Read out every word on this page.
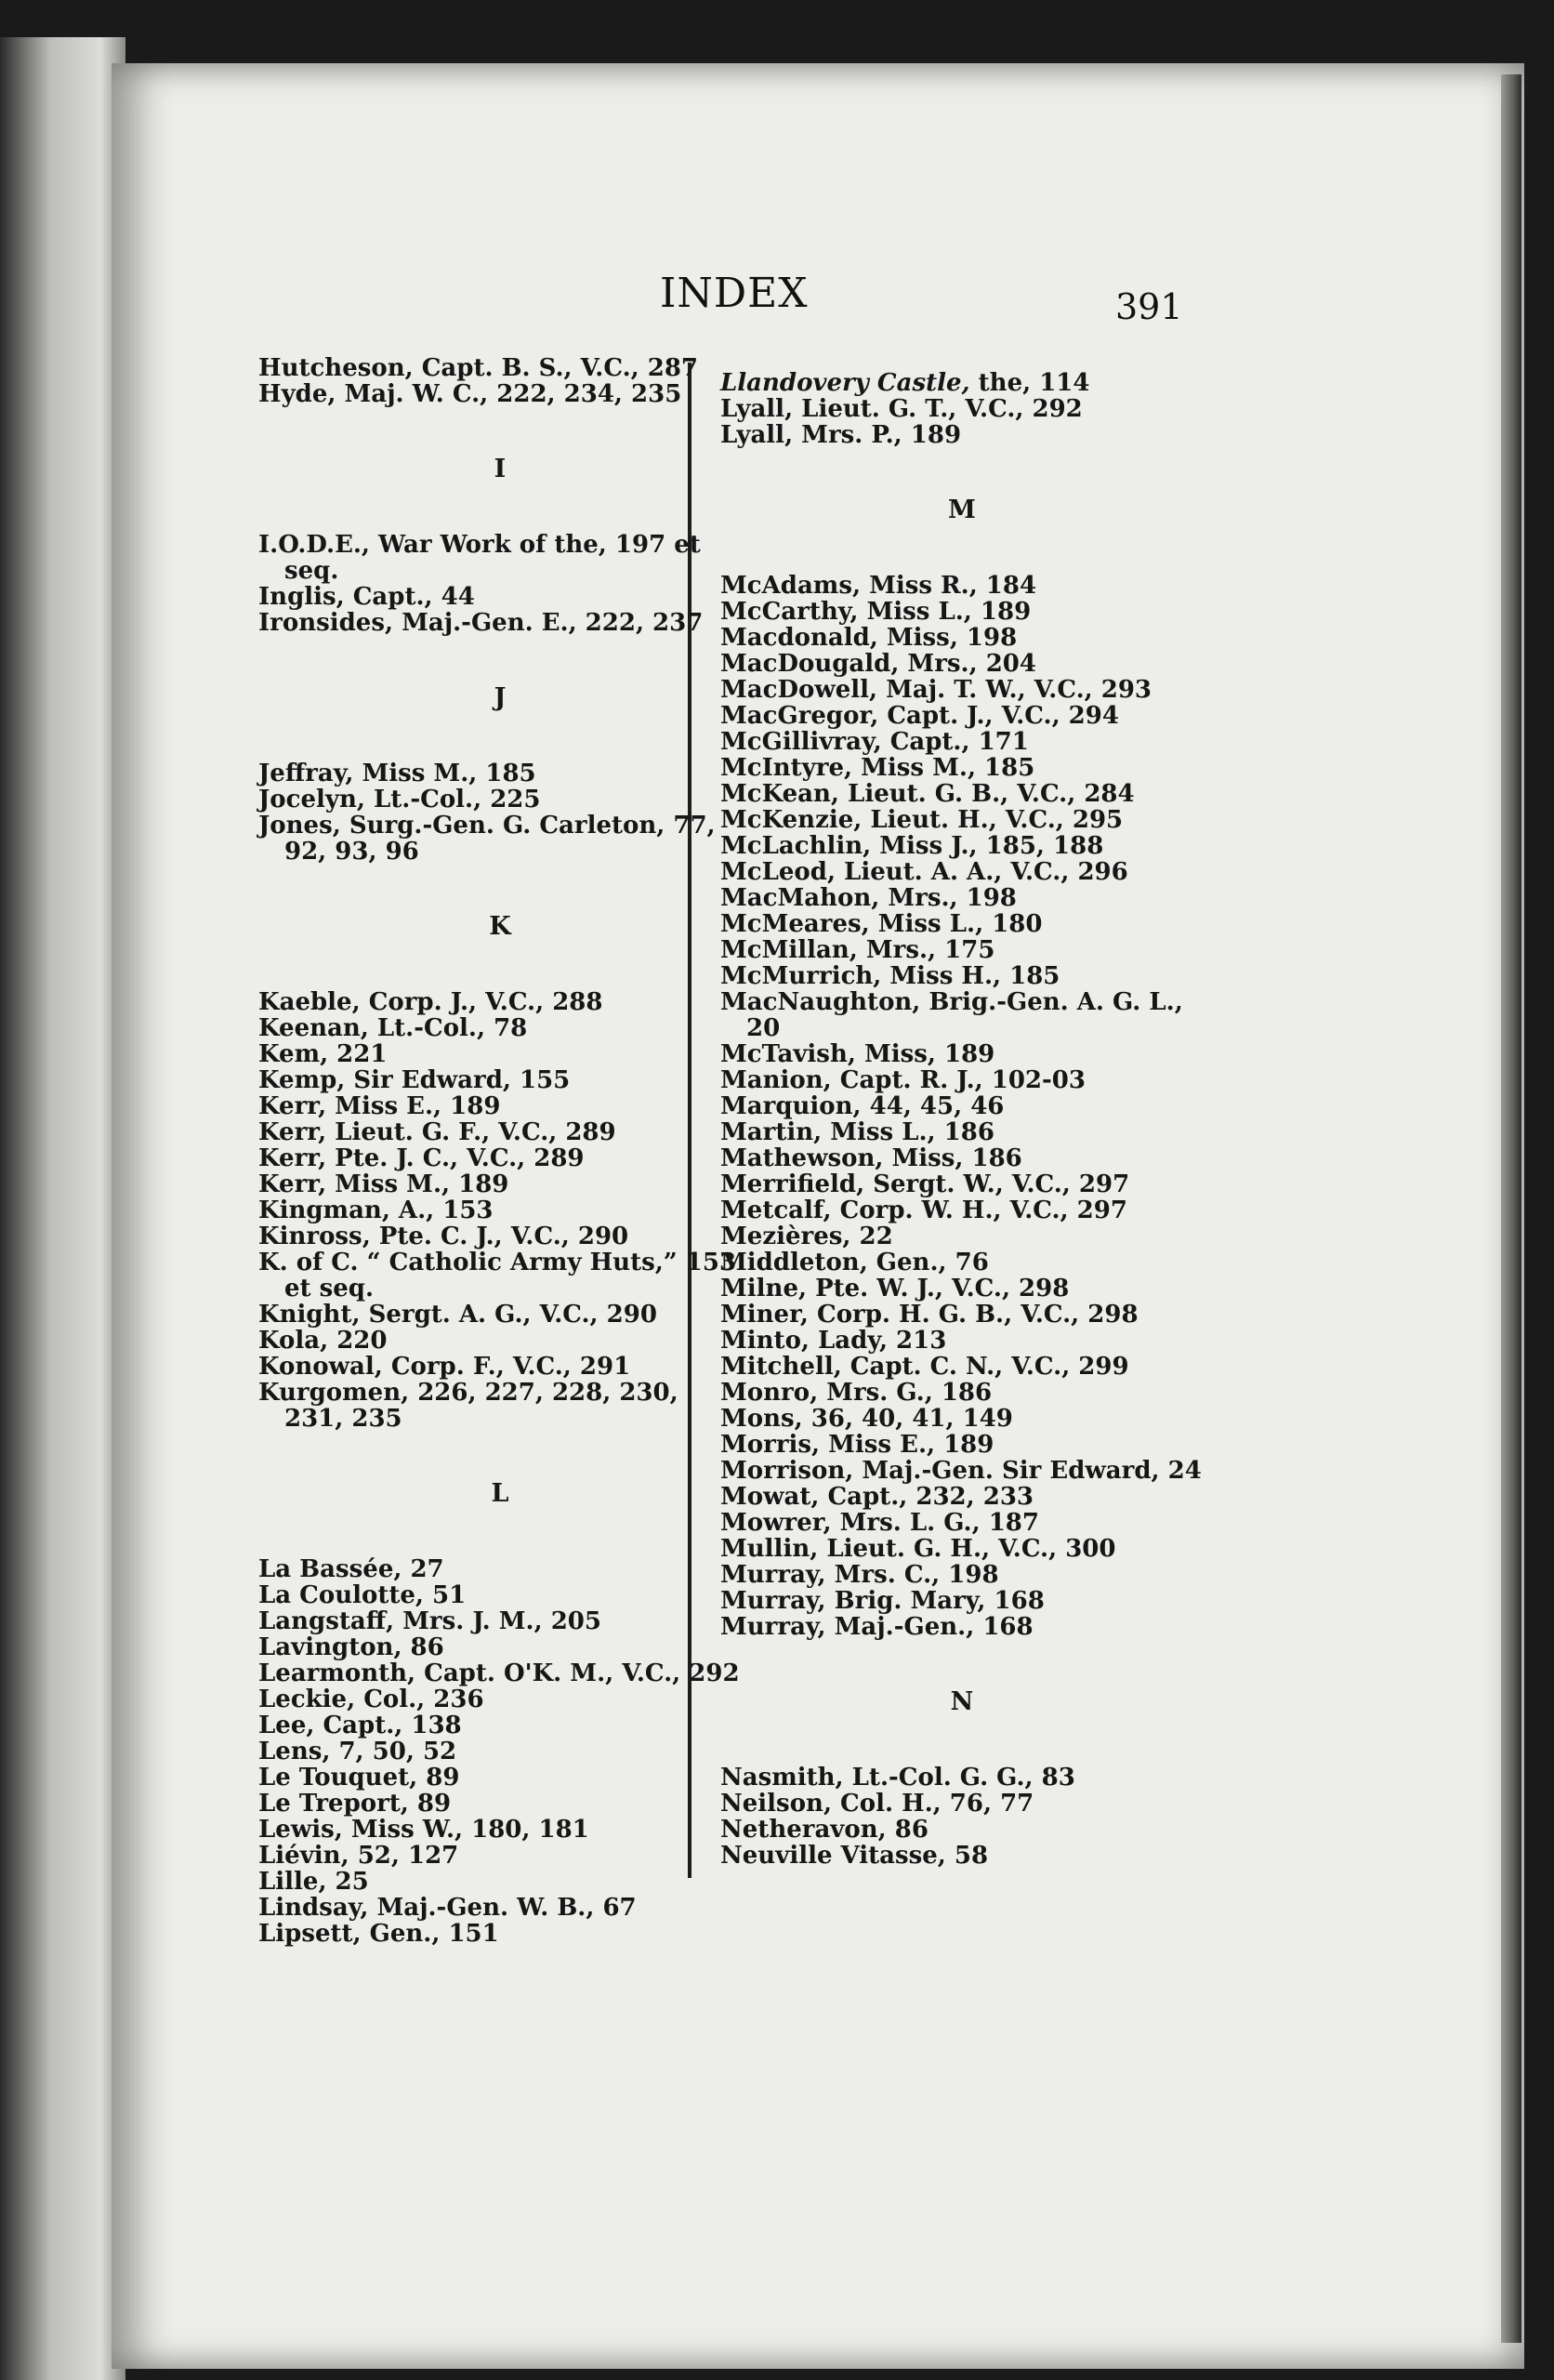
INDEX	391

Hutcheson, Capt. B. S., V.C., 287

Hyde, Maj. W. C., 222, 234, 235

I

I.O.D.E., War Work of the, 197 et seq.

Inglis, Capt., 44

Ironsides, Maj.-Gen. E., 222, 237

J

Jeffray, Miss M., 185

Jocelyn, Lt.-Col., 225

Jones, Surg.-Gen. G. Carleton, 77, 92, 93, 96

K

Kaeble, Corp. J., V.C., 288

Keenan, Lt.-Col., 78

Kem, 221

Kemp, Sir Edward, 155

Kerr, Miss E., 189

Kerr, Lieut. G. F., V.C., 289

Kerr, Pte. J. C., V.C., 289

Kerr, Miss M., 189

Kingman, A., 153

Kinross, Pte. C. J., V.C., 290

K. of C. “ Catholic Army Huts,” 153 et seq.

Knight, Sergt. A. G., V.C., 290

Kola, 220

Konowal, Corp. F., V.C., 291

Kurgomen, 226, 227, 228, 230, 231, 235

L

La Bassée, 27

La Coulotte, 51

Langstaff, Mrs. J. M., 205

Lavington, 86

Learmonth, Capt. O'K. M., V.C., 292

Leckie, Col., 236

Lee, Capt., 138

Lens, 7, 50, 52

Le Touquet, 89

Le Treport, 89

Lewis, Miss W., 180, 181

Liévin, 52, 127

Lille, 25

Lindsay, Maj.-Gen. W. B., 67

Lipsett, Gen., 151

Llandovery Castle, the, 114

Lyall, Lieut. G. T., V.C., 292

Lyall, Mrs. P., 189

M

McAdams, Miss R., 184

McCarthy, Miss L., 189

Macdonald, Miss, 198

MacDougald, Mrs., 204

MacDowell, Maj. T. W., V.C., 293

MacGregor, Capt. J., V.C., 294

McGillivray, Capt., 171

McIntyre, Miss M., 185

McKean, Lieut. G. B., V.C., 284

McKenzie, Lieut. H., V.C., 295

McLachlin, Miss J., 185, 188

McLeod, Lieut. A. A., V.C., 296

MacMahon, Mrs., 198

McMeares, Miss L., 180

McMillan, Mrs., 175

McMurrich, Miss H., 185

MacNaughton, Brig.-Gen. A. G. L., 20

McTavish, Miss, 189

Manion, Capt. R. J., 102-03

Marquion, 44, 45, 46

Martin, Miss L., 186

Mathewson, Miss, 186

Merrifield, Sergt. W., V.C., 297

Metcalf, Corp. W. H., V.C., 297

Mezières, 22

Middleton, Gen., 76

Milne, Pte. W. J., V.C., 298

Miner, Corp. H. G. B., V.C., 298

Minto, Lady, 213

Mitchell, Capt. C. N., V.C., 299

Monro, Mrs. G., 186

Mons, 36, 40, 41, 149

Morris, Miss E., 189

Morrison, Maj.-Gen. Sir Edward, 24

Mowat, Capt., 232, 233

Mowrer, Mrs. L. G., 187

Mullin, Lieut. G. H., V.C., 300

Murray, Mrs. C., 198

Murray, Brig. Mary, 168

Murray, Maj.-Gen., 168

N

Nasmith, Lt.-Col. G. G., 83

Neilson, Col. H., 76, 77

Netheravon, 86

Neuville Vitasse, 58
